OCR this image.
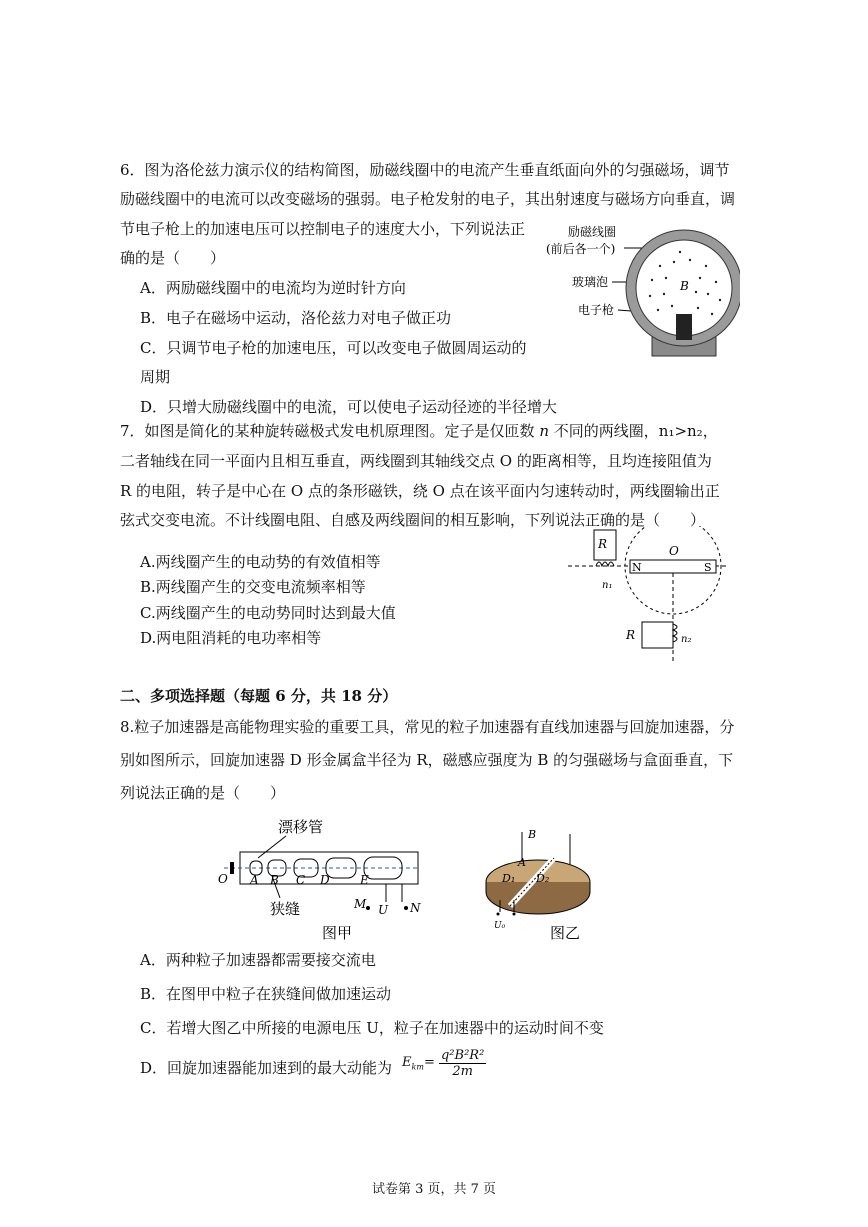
6．图为洛伦兹力演示仪的结构简图，励磁线圈中的电流产生垂直纸面向外的匀强磁场，调节
励磁线圈中的电流可以改变磁场的强弱。电子枪发射的电子，其出射速度与磁场方向垂直，调
节电子枪上的加速电压可以控制电子的速度大小，下列说法正
确的是（　　）
A．两励磁线圈中的电流均为逆时针方向
B．电子在磁场中运动，洛伦兹力对电子做正功
C．只调节电子枪的加速电压，可以改变电子做圆周运动的
周期
D．只增大励磁线圈中的电流，可以使电子运动径迹的半径增大
励磁线圈
(前后各一个)
玻璃泡
电子枪
B
7．如图是简化的某种旋转磁极式发电机原理图。定子是仅匝数 n 不同的两线圈，n₁>n₂，
二者轴线在同一平面内且相互垂直，两线圈到其轴线交点 O 的距离相等，且均连接阻值为
R 的电阻，转子是中心在 O 点的条形磁铁，绕 O 点在该平面内匀速转动时，两线圈输出正
弦式交变电流。不计线圈电阻、自感及两线圈间的相互影响，下列说法正确的是（　　）
A.两线圈产生的电动势的有效值相等
B.两线圈产生的交变电流频率相等
C.两线圈产生的电动势同时达到最大值
D.两电阻消耗的电功率相等
N	S
O
R
n₁
R	n₂
二、多项选择题（每题 6 分，共 18 分）
8.粒子加速器是高能物理实验的重要工具，常见的粒子加速器有直线加速器与回旋加速器，分
别如图所示，回旋加速器 D 形金属盒半径为 R，磁感应强度为 B 的匀强磁场与盒面垂直，下
列说法正确的是（　　）
漂移管
O A B C D	E
M U N
狭缝
图甲
B
A
D₁ D₂
U₀	图乙
A．两种粒子加速器都需要接交流电
B．在图甲中粒子在狭缝间做加速运动
C．若增大图乙中所接的电源电压 U，粒子在加速器中的运动时间不变
D．回旋加速器能加速到的最大动能为 $E_{km}= \frac{\text{q²B²R²}}{2m}$
试卷第 3 页，共 7 页
